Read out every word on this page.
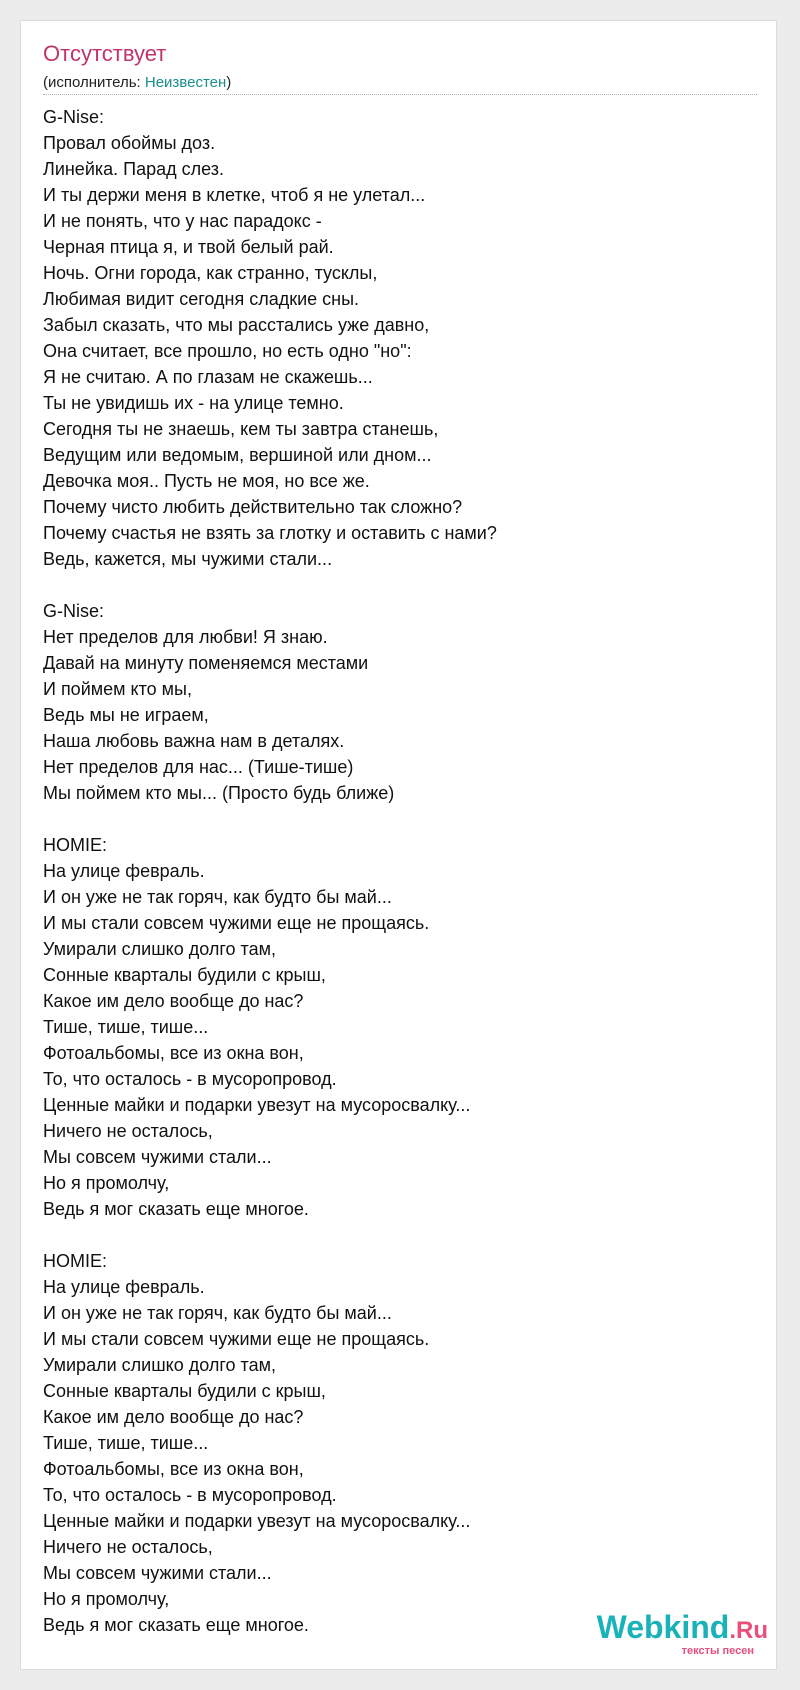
Отсутствует
(исполнитель: Неизвестен)
G-Nise:
Провал обоймы доз.
Линейка. Парад слез.
И ты держи меня в клетке, чтоб я не улетал...
И не понять, что у нас парадокс -
Черная птица я, и твой белый рай.
Ночь. Огни города, как странно, тусклы,
Любимая видит сегодня сладкие сны.
Забыл сказать, что мы расстались уже давно,
Она считает, все прошло, но есть одно "но":
Я не считаю. А по глазам не скажешь...
Ты не увидишь их - на улице темно.
Сегодня ты не знаешь, кем ты завтра станешь,
Ведущим или ведомым, вершиной или дном...
Девочка моя.. Пусть не моя, но все же.
Почему чисто любить действительно так сложно?
Почему счастья не взять за глотку и оставить с нами?
Ведь, кажется, мы чужими стали...
G-Nise:
Нет пределов для любви! Я знаю.
Давай на минуту поменяемся местами
И поймем кто мы,
Ведь мы не играем,
Наша любовь важна нам в деталях.
Нет пределов для нас... (Тише-тише)
Мы поймем кто мы... (Просто будь ближе)
HOMIE:
На улице февраль.
И он уже не так горяч, как будто бы май...
И мы стали совсем чужими еще не прощаясь.
Умирали слишко долго там,
Сонные кварталы будили с крыш,
Какое им дело вообще до нас?
Тише, тише, тише...
Фотоальбомы, все из окна вон,
То, что осталось - в мусоропровод.
Ценные майки и подарки увезут на мусоросвалку...
Ничего не осталось,
Мы совсем чужими стали...
Но я промолчу,
Ведь я мог сказать еще многое.
HOMIE:
На улице февраль.
И он уже не так горяч, как будто бы май...
И мы стали совсем чужими еще не прощаясь.
Умирали слишко долго там,
Сонные кварталы будили с крыш,
Какое им дело вообще до нас?
Тише, тише, тише...
Фотоальбомы, все из окна вон,
То, что осталось - в мусоропровод.
Ценные майки и подарки увезут на мусоросвалку...
Ничего не осталось,
Мы совсем чужими стали...
Но я промолчу,
Ведь я мог сказать еще многое.	Webkind.Ru
тексты песен
